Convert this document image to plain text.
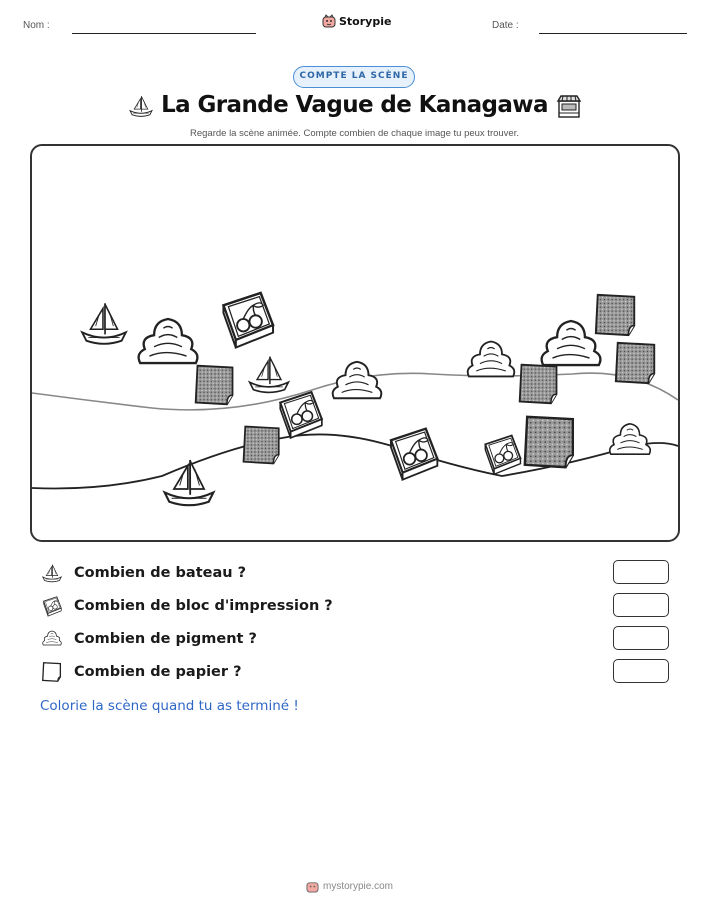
Nom :	Storypie	Date :
COMPTE LA SCÈNE
La Grande Vague de Kanagawa
Regarde la scène animée. Compte combien de chaque image tu peux trouver.
Combien de bateau ?
Combien de bloc d'impression ?
Combien de pigment ?
Combien de papier ?
Colorie la scène quand tu as terminé !
mystorypie.com
